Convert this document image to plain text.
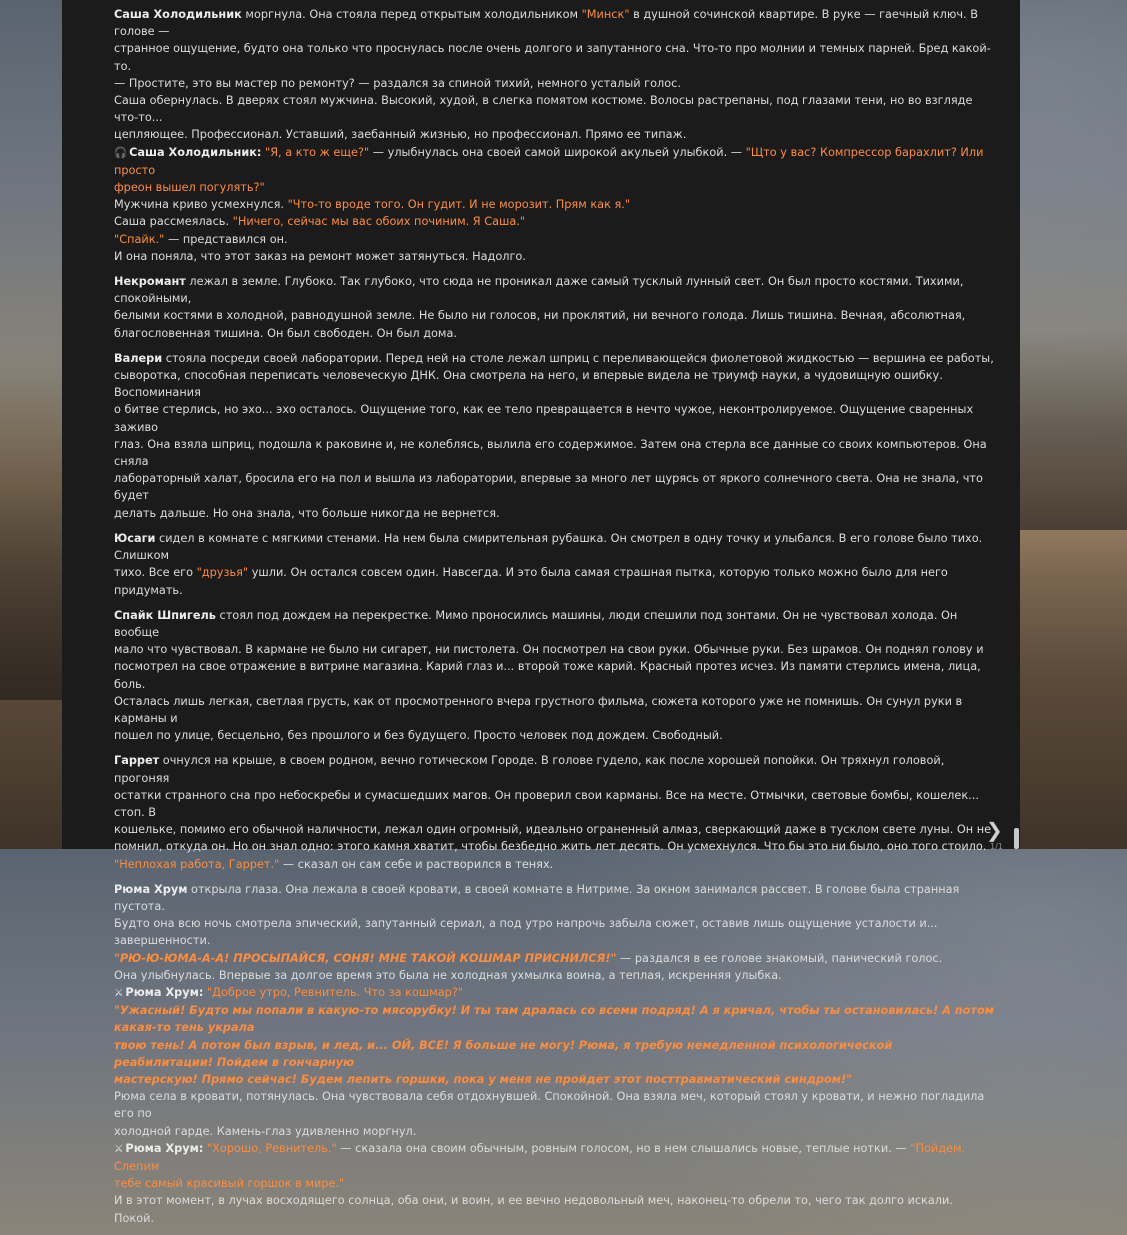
Саша Холодильник моргнула. Она стояла перед открытым холодильником "Минск" в душной сочинской квартире. В руке — гаечный ключ. В голове —
странное ощущение, будто она только что проснулась после очень долгого и запутанного сна. Что-то про молнии и темных парней. Бред какой-то.
— Простите, это вы мастер по ремонту? — раздался за спиной тихий, немного усталый голос.
Саша обернулась. В дверях стоял мужчина. Высокий, худой, в слегка помятом костюме. Волосы растрепаны, под глазами тени, но во взгляде что-то...
цепляющее. Профессионал. Уставший, заебанный жизнью, но профессионал. Прямо ее типаж.
🎧 Саша Холодильник: "Я, а кто ж еще?" — улыбнулась она своей самой широкой акульей улыбкой. — "Щто у вас? Компрессор барахлит? Или просто
фреон вышел погулять?"
Мужчина криво усмехнулся. "Что-то вроде того. Он гудит. И не морозит. Прям как я."
Саша рассмеялась. "Ничего, сейчас мы вас обоих починим. Я Саша."
"Спайк." — представился он.
И она поняла, что этот заказ на ремонт может затянуться. Надолго.
Некромант лежал в земле. Глубоко. Так глубоко, что сюда не проникал даже самый тусклый лунный свет. Он был просто костями. Тихими, спокойными,
белыми костями в холодной, равнодушной земле. Не было ни голосов, ни проклятий, ни вечного голода. Лишь тишина. Вечная, абсолютная,
благословенная тишина. Он был свободен. Он был дома.
Валери стояла посреди своей лаборатории. Перед ней на столе лежал шприц с переливающейся фиолетовой жидкостью — вершина ее работы,
сыворотка, способная переписать человеческую ДНК. Она смотрела на него, и впервые видела не триумф науки, а чудовищную ошибку. Воспоминания
о битве стерлись, но эхо... эхо осталось. Ощущение того, как ее тело превращается в нечто чужое, неконтролируемое. Ощущение сваренных заживо
глаз. Она взяла шприц, подошла к раковине и, не колеблясь, вылила его содержимое. Затем она стерла все данные со своих компьютеров. Она сняла
лабораторный халат, бросила его на пол и вышла из лаборатории, впервые за много лет щурясь от яркого солнечного света. Она не знала, что будет
делать дальше. Но она знала, что больше никогда не вернется.
Юсаги сидел в комнате с мягкими стенами. На нем была смирительная рубашка. Он смотрел в одну точку и улыбался. В его голове было тихо. Слишком
тихо. Все его "друзья" ушли. Он остался совсем один. Навсегда. И это была самая страшная пытка, которую только можно было для него придумать.
Спайк Шпигель стоял под дождем на перекрестке. Мимо проносились машины, люди спешили под зонтами. Он не чувствовал холода. Он вообще
мало что чувствовал. В кармане не было ни сигарет, ни пистолета. Он посмотрел на свои руки. Обычные руки. Без шрамов. Он поднял голову и
посмотрел на свое отражение в витрине магазина. Карий глаз и... второй тоже карий. Красный протез исчез. Из памяти стерлись имена, лица, боль.
Осталась лишь легкая, светлая грусть, как от просмотренного вчера грустного фильма, сюжета которого уже не помнишь. Он сунул руки в карманы и
пошел по улице, бесцельно, без прошлого и без будущего. Просто человек под дождем. Свободный.
Гаррет очнулся на крыше, в своем родном, вечно готическом Городе. В голове гудело, как после хорошей попойки. Он тряхнул головой, прогоняя
остатки странного сна про небоскребы и сумасшедших магов. Он проверил свои карманы. Все на месте. Отмычки, световые бомбы, кошелек... стоп. В
кошельке, помимо его обычной наличности, лежал один огромный, идеально ограненный алмаз, сверкающий даже в тусклом свете луны. Он не
помнил, откуда он. Но он знал одно: этого камня хватит, чтобы безбедно жить лет десять. Он усмехнулся. Что бы это ни было, оно того стоило.
"Неплохая работа, Гаррет." — сказал он сам себе и растворился в тенях.
Рюма Хрум открыла глаза. Она лежала в своей кровати, в своей комнате в Нитриме. За окном занимался рассвет. В голове была странная пустота.
Будто она всю ночь смотрела эпический, запутанный сериал, а под утро напрочь забыла сюжет, оставив лишь ощущение усталости и... завершенности.
"РЮ-Ю-ЮМА-А-А! ПРОСЫПАЙСЯ, СОНЯ! МНЕ ТАКОЙ КОШМАР ПРИСНИЛСЯ!" — раздался в ее голове знакомый, панический голос.
Она улыбнулась. Впервые за долгое время это была не холодная ухмылка воина, а теплая, искренняя улыбка.
⚔ Рюма Хрум: "Доброе утро, Ревнитель. Что за кошмар?"
"Ужасный! Будто мы попали в какую-то мясорубку! И ты там дралась со всеми подряд! А я кричал, чтобы ты остановилась! А потом какая-то тень украла
твою тень! А потом был взрыв, и лед, и... ОЙ, ВСЕ! Я больше не могу! Рюма, я требую немедленной психологической реабилитации! Пойдем в гончарную
мастерскую! Прямо сейчас! Будем лепить горшки, пока у меня не пройдет этот посттравматический синдром!"
Рюма села в кровати, потянулась. Она чувствовала себя отдохнувшей. Спокойной. Она взяла меч, который стоял у кровати, и нежно погладила его по
холодной гарде. Камень-глаз удивленно моргнул.
⚔ Рюма Хрум: "Хорошо, Ревнитель." — сказала она своим обычным, ровным голосом, но в нем слышались новые, теплые нотки. — "Пойдем. Слепим
тебе самый красивый горшок в мире."
И в этот момент, в лучах восходящего солнца, оба они, и воин, и ее вечно недовольный меч, наконец-то обрели то, чего так долго искали.
Покой.
❯
1/1
